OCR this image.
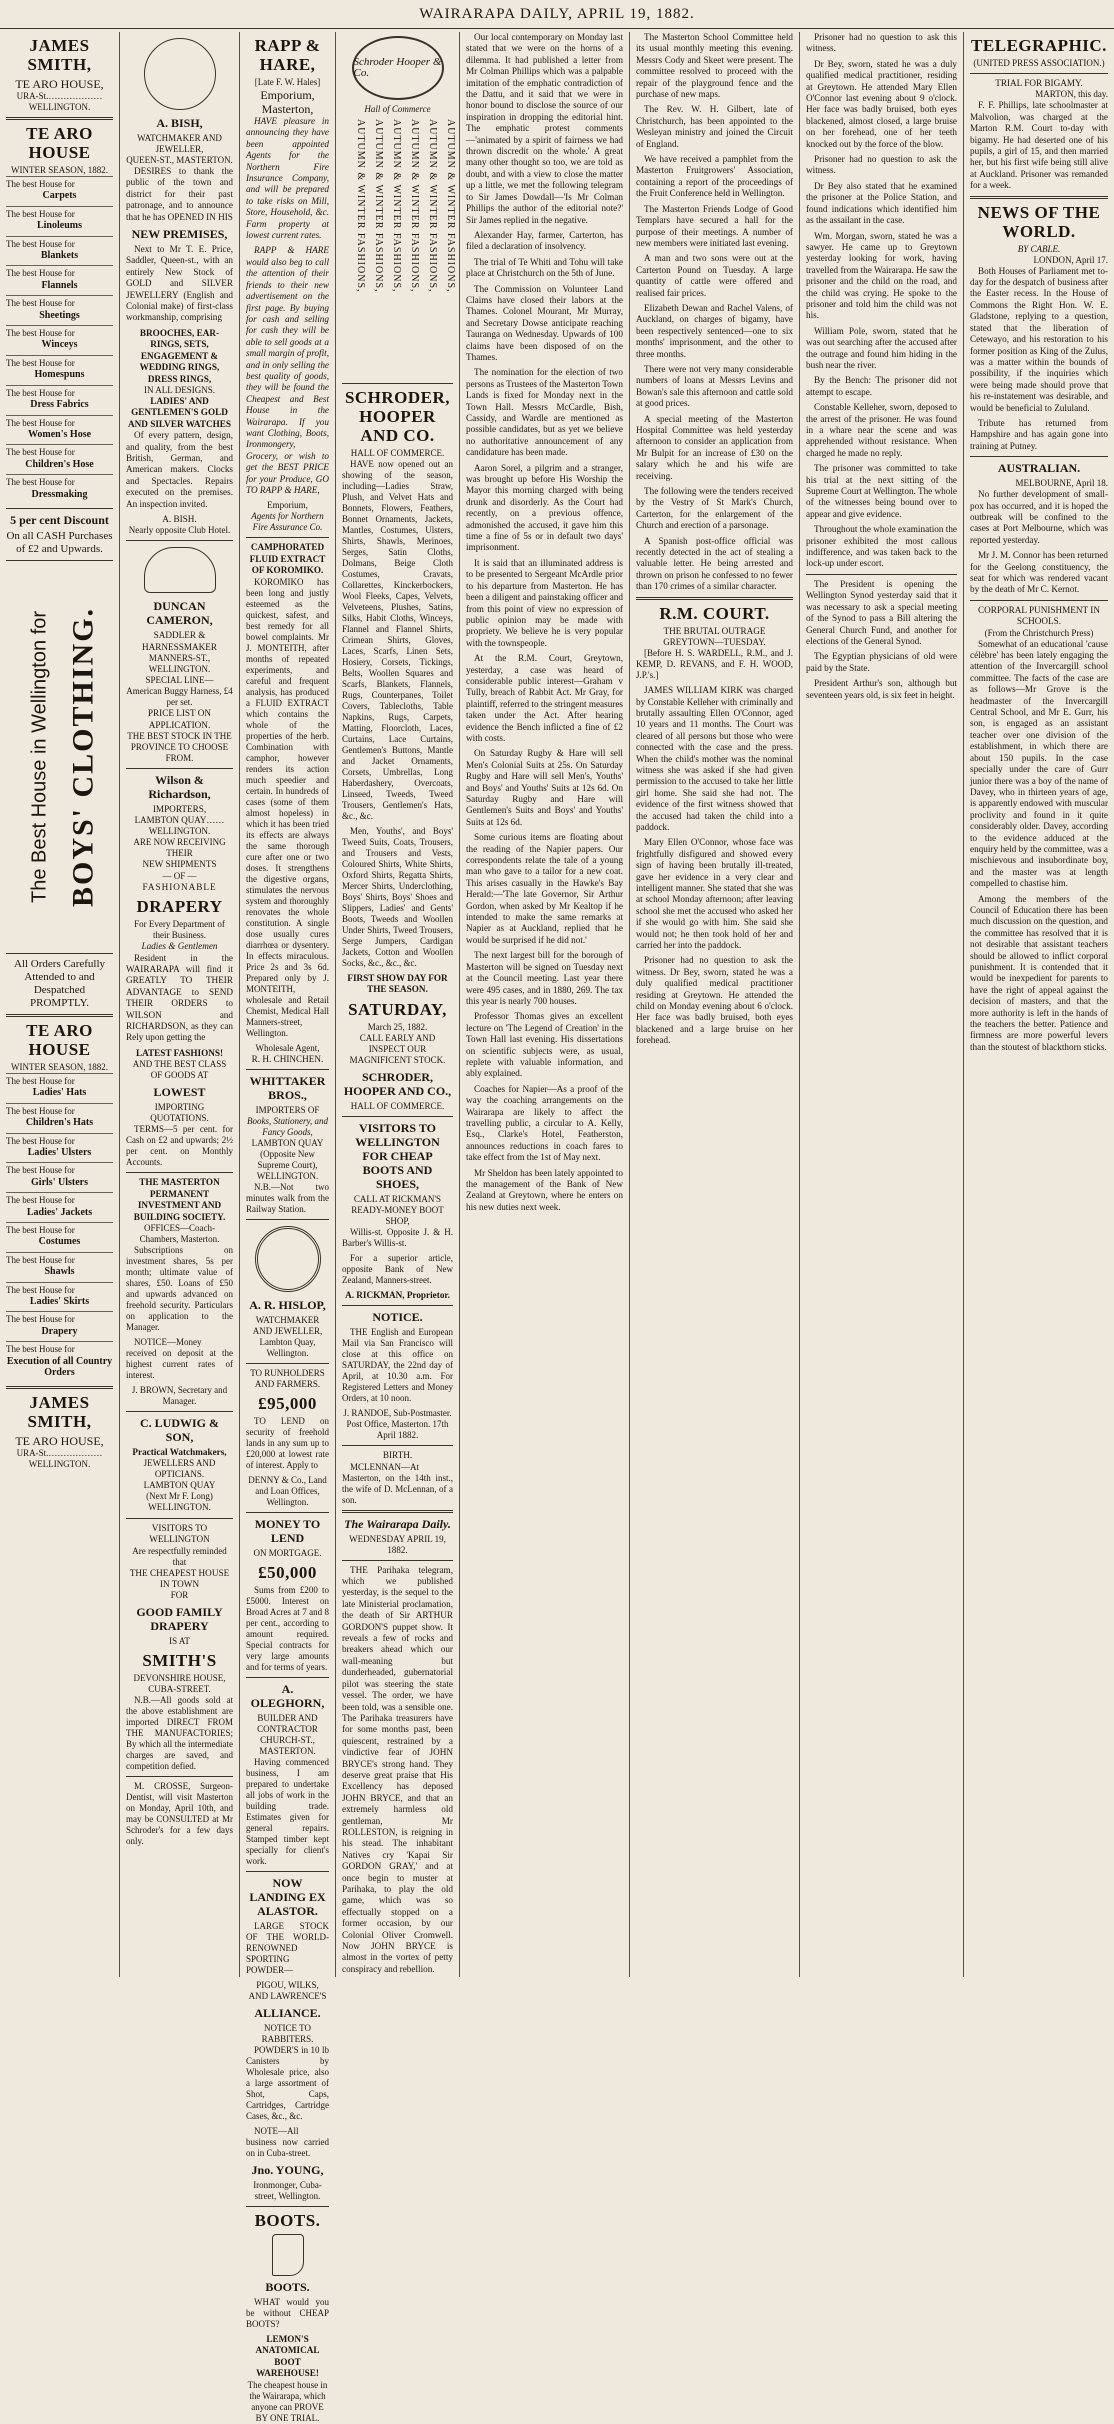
WAIRARAPA DAILY, APRIL 19, 1882.
JAMES SMITH,
TE ARO HOUSE,
URA-St.………………WELLINGTON.
TE ARO HOUSE
WINTER SEASON, 1882.
The best House for
Carpets
The best House for
Linoleums
The best House for
Blankets
The best House for
Flannels
The best House for
Sheetings
The best House for
Winceys
The best House for
Homespuns
The best House for
Dress Fabrics
The best House for
Women's Hose
The best House for
Children's Hose
The best House for
Dressmaking
5 per cent Discount
On all CASH Purchases of £2 and Upwards.
The Best House in Wellington for BOYS' CLOTHING.
All Orders Carefully Attended to and Despatched PROMPTLY.
TE ARO HOUSE
WINTER SEASON, 1882.
The best House for
Ladies' Hats
The best House for
Children's Hats
The best House for
Ladies' Ulsters
The best House for
Girls' Ulsters
The best House for
Ladies' Jackets
The best House for
Costumes
The best House for
Shawls
The best House for
Ladies' Skirts
The best House for
Drapery
The best House for
Execution of all Country Orders
JAMES SMITH,
TE ARO HOUSE,
URA-St.………………WELLINGTON.
A. BISH,
WATCHMAKER AND JEWELLER,
QUEEN-ST., MASTERTON.

DESIRES to thank the public of the town and district for their past patronage, and to announce that he has OPENED IN HIS

NEW PREMISES,

Next to Mr T. E. Price, Saddler, Queen-st., with an entirely New Stock of GOLD and SILVER JEWELLERY (English and Colonial make) of first-class workmanship, comprising

BROOCHES, EAR-RINGS, SETS, ENGAGEMENT & WEDDING RINGS, DRESS RINGS,
IN ALL DESIGNS.
LADIES' AND GENTLEMEN'S GOLD AND SILVER WATCHES

Of every pattern, design, and quality, from the best British, German, and American makers. Clocks and Spectacles. Repairs executed on the premises. An inspection invited.

A. BISH.
Nearly opposite Club Hotel.
DUNCAN CAMERON,
SADDLER & HARNESSMAKER
MANNERS-ST., WELLINGTON.
SPECIAL LINE—
American Buggy Harness, £4 per set.
PRICE LIST ON APPLICATION.
THE BEST STOCK IN THE PROVINCE TO CHOOSE FROM.
Wilson & Richardson,
IMPORTERS,
LAMBTON QUAY……WELLINGTON.
ARE NOW RECEIVING THEIR
NEW SHIPMENTS
— OF —
FASHIONABLE
DRAPERY
For Every Department of their Business.
Ladies & Gentlemen

Resident in the WAIRARAPA will find it GREATLY TO THEIR ADVANTAGE to SEND THEIR ORDERS to WILSON and RICHARDSON, as they can Rely upon getting the

LATEST FASHIONS!
AND THE BEST CLASS OF GOODS AT
LOWEST
IMPORTING QUOTATIONS.

TERMS—5 per cent. for Cash on £2 and upwards; 2½ per cent. on Monthly Accounts.

THE MASTERTON PERMANENT INVESTMENT AND BUILDING SOCIETY.
OFFICES—Coach-Chambers, Masterton.

Subscriptions on investment shares, 5s per month; ultimate value of shares, £50. Loans of £50 and upwards advanced on freehold security. Particulars on application to the Manager.

NOTICE—Money received on deposit at the highest current rates of interest.

J. BROWN, Secretary and Manager.
C. LUDWIG & SON,
Practical Watchmakers,
JEWELLERS AND OPTICIANS.
LAMBTON QUAY
(Next Mr F. Long)
WELLINGTON.
VISITORS TO WELLINGTON
Are respectfully reminded that
THE CHEAPEST HOUSE IN TOWN
FOR
GOOD FAMILY DRAPERY
IS AT
SMITH'S
DEVONSHIRE HOUSE,
CUBA-STREET.

N.B.—All goods sold at the above establishment are imported DIRECT FROM THE MANUFACTORIES; By which all the intermediate charges are saved, and competition defied.

M. CROSSE, Surgeon-Dentist, will visit Masterton on Monday, April 10th, and may be CONSULTED at Mr Schroder's for a few days only.

RAPP & HARE,
[Late F. W. Hales]
Emporium, Masterton,

HAVE pleasure in announcing they have been appointed Agents for the Northern Fire Insurance Company, and will be prepared to take risks on Mill, Store, Household, &c. Farm property at lowest current rates.

RAPP & HARE would also beg to call the attention of their friends to their new advertisement on the first page. By buying for cash and selling for cash they will be able to sell goods at a small margin of profit, and in only selling the best quality of goods, they will be found the Cheapest and Best House in the Wairarapa. If you want Clothing, Boots, Ironmongery, Grocery, or wish to get the BEST PRICE for your Produce, GO TO RAPP & HARE,

Emporium,
Agents for Northern Fire Assurance Co.
CAMPHORATED FLUID EXTRACT OF KOROMIKO.

KOROMIKO has been long and justly esteemed as the quickest, safest, and best remedy for all bowel complaints. Mr J. MONTEITH, after months of repeated experiments, and careful and frequent analysis, has produced a FLUID EXTRACT which contains the whole of the properties of the herb. Combination with camphor, however renders its action much speedier and certain. In hundreds of cases (some of them almost hopeless) in which it has been tried its effects are always the same thorough cure after one or two doses. It strengthens the digestive organs, stimulates the nervous system and thoroughly renovates the whole constitution. A single dose usually cures diarrhœa or dysentery. In effects miraculous. Price 2s and 3s 6d. Prepared only by J. MONTEITH, wholesale and Retail Chemist, Medical Hall Manners-street, Wellington.

Wholesale Agent,
R. H. CHINCHEN.
WHITTAKER BROS.,
IMPORTERS OF
Books, Stationery, and Fancy Goods,
LAMBTON QUAY
(Opposite New Supreme Court),
WELLINGTON.

N.B.—Not two minutes walk from the Railway Station.

A. R. HISLOP,
WATCHMAKER AND JEWELLER,
Lambton Quay, Wellington.
TO RUNHOLDERS AND FARMERS.
£95,000

TO LEND on security of freehold lands in any sum up to £20,000 at lowest rate of interest. Apply to

DENNY & Co., Land and Loan Offices, Wellington.
MONEY TO LEND
ON MORTGAGE.
£50,000

Sums from £200 to £5000. Interest on Broad Acres at 7 and 8 per cent., according to amount required. Special contracts for very large amounts and for terms of years.

A. OLEGHORN,
BUILDER AND CONTRACTOR
CHURCH-ST., MASTERTON.

Having commenced business, I am prepared to undertake all jobs of work in the building trade. Estimates given for general repairs. Stamped timber kept specially for client's work.

NOW LANDING EX ALASTOR.

LARGE STOCK OF THE WORLD-RENOWNED SPORTING POWDER—

PIGOU, WILKS, AND LAWRENCE'S
ALLIANCE.
NOTICE TO RABBITERS.

POWDER'S in 10 lb Canisters by Wholesale price, also a large assortment of Shot, Caps, Cartridges, Cartridge Cases, &c., &c.

NOTE—All business now carried on in Cuba-street.

Jno. YOUNG,
Ironmonger, Cuba-street, Wellington.
BOOTS.
BOOTS.

WHAT would you be without CHEAP BOOTS?

LEMON'S ANATOMICAL BOOT WAREHOUSE!
The cheapest house in the Wairarapa, which anyone can PROVE BY ONE TRIAL.
Schroder Hooper & Co.
Hall of Commerce
AUTUMN & WINTER FASHIONS, AUTUMN & WINTER FASHIONS, AUTUMN & WINTER FASHIONS, AUTUMN & WINTER FASHIONS, AUTUMN & WINTER FASHIONS, AUTUMN & WINTER FASHIONS,
SCHRODER, HOOPER AND CO.
HALL OF COMMERCE.

HAVE now opened out an showing of the season, including—Ladies Straw, Plush, and Velvet Hats and Bonnets, Flowers, Feathers, Bonnet Ornaments, Jackets, Mantles, Costumes, Ulsters, Shirts, Shawls, Merinoes, Serges, Satin Cloths, Dolmans, Beige Cloth Costumes, Cravats, Collarettes, Kinckerbockers, Wool Fleeks, Capes, Velvets, Velveteens, Plushes, Satins, Silks, Habit Cloths, Winceys, Flannel and Flannel Shirts, Crimean Shirts, Gloves, Laces, Scarfs, Linen Sets, Hosiery, Corsets, Tickings, Belts, Woollen Squares and Scarfs, Blankets, Flannels, Rugs, Counterpanes, Toilet Covers, Tablecloths, Table Napkins, Rugs, Carpets, Matting, Floorcloth, Laces, Curtains, Lace Curtains, Gentlemen's Buttons, Mantle and Jacket Ornaments, Corsets, Umbrellas, Long Haberdashery, Overcoats, Linseed, Tweeds, Tweed Trousers, Gentlemen's Hats, &c., &c.

Men, Youths', and Boys' Tweed Suits, Coats, Trousers, and Trousers and Vests, Coloured Shirts, White Shirts, Oxford Shirts, Regatta Shirts, Mercer Shirts, Underclothing, Boys' Shirts, Boys' Shoes and Slippers, Ladies' and Gents' Boots, Tweeds and Woollen Under Shirts, Tweed Trousers, Serge Jumpers, Cardigan Jackets, Cotton and Woollen Socks, &c., &c., &c.

FIRST SHOW DAY FOR THE SEASON.
SATURDAY,
March 25, 1882.
CALL EARLY AND INSPECT OUR MAGNIFICENT STOCK.
SCHRODER, HOOPER AND CO.,
HALL OF COMMERCE.
VISITORS TO WELLINGTON FOR CHEAP BOOTS AND SHOES,
CALL AT RICKMAN'S READY-MONEY BOOT SHOP,

Willis-st. Opposite J. & H. Barber's Willis-st.

For a superior article, opposite Bank of New Zealand, Manners-street.

A. RICKMAN, Proprietor.
NOTICE.

THE English and European Mail via San Francisco will close at this office on SATURDAY, the 22nd day of April, at 10.30 a.m. For Registered Letters and Money Orders, at 10 noon.

J. RANDOE, Sub-Postmaster.
Post Office, Masterton. 17th April 1882.
BIRTH.

MCLENNAN—At Masterton, on the 14th inst., the wife of D. McLennan, of a son.

The Wairarapa Daily.
WEDNESDAY APRIL 19, 1882.

THE Parihaka telegram, which we published yesterday, is the sequel to the late Ministerial proclamation, the death of Sir ARTHUR GORDON'S puppet show. It reveals a few of rocks and breakers ahead which our wall-meaning but dunderheaded, gubernatorial pilot was steering the state vessel. The order, we have been told, was a sensible one. The Parihaka treasurers have for some months past, been quiescent, restrained by a vindictive fear of JOHN BRYCE's strong hand. They deserve great praise that His Excellency has deposed JOHN BRYCE, and that an extremely harmless old gentleman, Mr ROLLESTON, is reigning in his stead. The inhabitant Natives cry 'Kapai Sir GORDON GRAY,' and at once begin to muster at Parihaka, to play the old game, which was so effectually stopped on a former occasion, by our Colonial Oliver Cromwell. Now JOHN BRYCE is almost in the vortex of petty conspiracy and rebellion.

Our local contemporary on Monday last stated that we were on the horns of a dilemma. It had published a letter from Mr Colman Phillips which was a palpable imitation of the emphatic contradiction of the Dattu, and it said that we were in honor bound to disclose the source of our inspiration in dropping the editorial hint. The emphatic protest comments—'animated by a spirit of fairness we had thrown discredit on the whole.' A great many other thought so too, we are told as doubt, and with a view to close the matter up a little, we met the following telegram to Sir James Dowdall—'Is Mr Colman Phillips the author of the editorial note?' Sir James replied in the negative.

Alexander Hay, farmer, Carterton, has filed a declaration of insolvency.

The trial of Te Whiti and Tohu will take place at Christchurch on the 5th of June.

The Commission on Volunteer Land Claims have closed their labors at the Thames. Colonel Mourant, Mr Murray, and Secretary Dowse anticipate reaching Tauranga on Wednesday. Upwards of 100 claims have been disposed of on the Thames.

The nomination for the election of two persons as Trustees of the Masterton Town Lands is fixed for Monday next in the Town Hall. Messrs McCardle, Bish, Cassidy, and Wardle are mentioned as possible candidates, but as yet we believe no authoritative announcement of any candidature has been made.

Aaron Sorel, a pilgrim and a stranger, was brought up before His Worship the Mayor this morning charged with being drunk and disorderly. As the Court had recently, on a previous offence, admonished the accused, it gave him this time a fine of 5s or in default two days' imprisonment.

It is said that an illuminated address is to be presented to Sergeant McArdle prior to his departure from Masterton. He has been a diligent and painstaking officer and from this point of view no expression of public opinion may be made with propriety. We believe he is very popular with the townspeople.

At the R.M. Court, Greytown, yesterday, a case was heard of considerable public interest—Graham v Tully, breach of Rabbit Act. Mr Gray, for plaintiff, referred to the stringent measures taken under the Act. After hearing evidence the Bench inflicted a fine of £2 with costs.

On Saturday Rugby & Hare will sell Men's Colonial Suits at 25s. On Saturday Rugby and Hare will sell Men's, Youths' and Boys' and Youths' Suits at 12s 6d. On Saturday Rugby and Hare will Gentlemen's Suits and Boys' and Youths' Suits at 12s 6d.

Some curious items are floating about the reading of the Napier papers. Our correspondents relate the tale of a young man who gave to a tailor for a new coat. This arises casually in the Hawke's Bay Herald:—'The late Governor, Sir Arthur Gordon, when asked by Mr Kealtop if he intended to make the same remarks at Napier as at Auckland, replied that he would be surprised if he did not.'

The next largest bill for the borough of Masterton will be signed on Tuesday next at the Council meeting. Last year there were 495 cases, and in 1880, 269. The tax this year is nearly 700 houses.

Professor Thomas gives an excellent lecture on 'The Legend of Creation' in the Town Hall last evening. His dissertations on scientific subjects were, as usual, replete with valuable information, and ably explained.

Coaches for Napier—As a proof of the way the coaching arrangements on the Wairarapa are likely to affect the travelling public, a circular to A. Kelly, Esq., Clarke's Hotel, Featherston, announces reductions in coach fares to take effect from the 1st of May next.

Mr Sheldon has been lately appointed to the management of the Bank of New Zealand at Greytown, where he enters on his new duties next week.

The Masterton School Committee held its usual monthly meeting this evening. Messrs Cody and Skeet were present. The committee resolved to proceed with the repair of the playground fence and the purchase of new maps.

The Rev. W. H. Gilbert, late of Christchurch, has been appointed to the Wesleyan ministry and joined the Circuit of England.

We have received a pamphlet from the Masterton Fruitgrowers' Association, containing a report of the proceedings of the Fruit Conference held in Wellington.

The Masterton Friends Lodge of Good Templars have secured a hall for the purpose of their meetings. A number of new members were initiated last evening.

A man and two sons were out at the Carterton Pound on Tuesday. A large quantity of cattle were offered and realised fair prices.

Elizabeth Dewan and Rachel Valens, of Auckland, on charges of bigamy, have been respectively sentenced—one to six months' imprisonment, and the other to three months.

There were not very many considerable numbers of loans at Messrs Levins and Bowan's sale this afternoon and cattle sold at good prices.

A special meeting of the Masterton Hospital Committee was held yesterday afternoon to consider an application from Mr Bulpit for an increase of £30 on the salary which he and his wife are receiving.

The following were the tenders received by the Vestry of St Mark's Church, Carterton, for the enlargement of the Church and erection of a parsonage.

A Spanish post-office official was recently detected in the act of stealing a valuable letter. He being arrested and thrown on prison he confessed to no fewer than 170 crimes of a similar character.

R.M. COURT.
THE BRUTAL OUTRAGE
GREYTOWN—TUESDAY.

[Before H. S. WARDELL, R.M., and J. KEMP, D. REVANS, and F. H. WOOD, J.P.'s.]

JAMES WILLIAM KIRK was charged by Constable Kelleher with criminally and brutally assaulting Ellen O'Connor, aged 10 years and 11 months. The Court was cleared of all persons but those who were connected with the case and the press. When the child's mother was the nominal witness she was asked if she had given permission to the accused to take her little girl home. She said she had not. The evidence of the first witness showed that the accused had taken the child into a paddock.

Mary Ellen O'Connor, whose face was frightfully disfigured and showed every sign of having been brutally ill-treated, gave her evidence in a very clear and intelligent manner. She stated that she was at school Monday afternoon; after leaving school she met the accused who asked her if she would go with him. She said she would not; he then took hold of her and carried her into the paddock.

Prisoner had no question to ask the witness. Dr Bey, sworn, stated he was a duly qualified medical practitioner residing at Greytown. He attended the child on Monday evening about 6 o'clock. Her face was badly bruised, both eyes blackened and a large bruise on her forehead.

Prisoner had no question to ask this witness.

Dr Bey, sworn, stated he was a duly qualified medical practitioner, residing at Greytown. He attended Mary Ellen O'Connor last evening about 9 o'clock. Her face was badly bruised, both eyes blackened, almost closed, a large bruise on her forehead, one of her teeth knocked out by the force of the blow.

Prisoner had no question to ask the witness.

Dr Bey also stated that he examined the prisoner at the Police Station, and found indications which identified him as the assailant in the case.

Wm. Morgan, sworn, stated he was a sawyer. He came up to Greytown yesterday looking for work, having travelled from the Wairarapa. He saw the prisoner and the child on the road, and the child was crying. He spoke to the prisoner and told him the child was not his.

William Pole, sworn, stated that he was out searching after the accused after the outrage and found him hiding in the bush near the river.

By the Bench: The prisoner did not attempt to escape.

Constable Kelleher, sworn, deposed to the arrest of the prisoner. He was found in a whare near the scene and was apprehended without resistance. When charged he made no reply.

The prisoner was committed to take his trial at the next sitting of the Supreme Court at Wellington. The whole of the witnesses being bound over to appear and give evidence.

Throughout the whole examination the prisoner exhibited the most callous indifference, and was taken back to the lock-up under escort.

The President is opening the Wellington Synod yesterday said that it was necessary to ask a special meeting of the Synod to pass a Bill altering the General Church Fund, and another for elections of the General Synod.

The Egyptian physicians of old were paid by the State.

President Arthur's son, although but seventeen years old, is six feet in height.

TELEGRAPHIC.
(UNITED PRESS ASSOCIATION.)
TRIAL FOR BIGAMY.
MARTON, this day.

F. F. Phillips, late schoolmaster at Malvolion, was charged at the Marton R.M. Court to-day with bigamy. He had deserted one of his pupils, a girl of 15, and then married her, but his first wife being still alive at Auckland. Prisoner was remanded for a week.

NEWS OF THE WORLD.
BY CABLE.
LONDON, April 17.

Both Houses of Parliament met to-day for the despatch of business after the Easter recess. In the House of Commons the Right Hon. W. E. Gladstone, replying to a question, stated that the liberation of Cetewayo, and his restoration to his former position as King of the Zulus, was a matter within the bounds of possibility, if the inquiries which were being made should prove that his re-instatement was desirable, and would be beneficial to Zululand.

Tribute has returned from Hampshire and has again gone into training at Putney.

AUSTRALIAN.
MELBOURNE, April 18.

No further development of small-pox has occurred, and it is hoped the outbreak will be confined to the cases at Port Melbourne, which was reported yesterday.

Mr J. M. Connor has been returned for the Geelong constituency, the seat for which was rendered vacant by the death of Mr C. Kernot.

CORPORAL PUNISHMENT IN SCHOOLS.
(From the Christchurch Press)

Somewhat of an educational 'cause célèbre' has been lately engaging the attention of the Invercargill school committee. The facts of the case are as follows—Mr Grove is the headmaster of the Invercargill Central School, and Mr E. Gurr, his son, is engaged as an assistant teacher over one division of the establishment, in which there are about 150 pupils. In the case specially under the care of Gurr junior there was a boy of the name of Davey, who in thirteen years of age, is apparently endowed with muscular proclivity and found in it quite considerably older. Davey, according to the evidence adduced at the enquiry held by the committee, was a mischievous and insubordinate boy, and the master was at length compelled to chastise him.

Among the members of the Council of Education there has been much discussion on the question, and the committee has resolved that it is not desirable that assistant teachers should be allowed to inflict corporal punishment. It is contended that it would be inexpedient for parents to have the right of appeal against the decision of masters, and that the more authority is left in the hands of the teachers the better. Patience and firmness are more powerful levers than the stoutest of blackthorn sticks.
